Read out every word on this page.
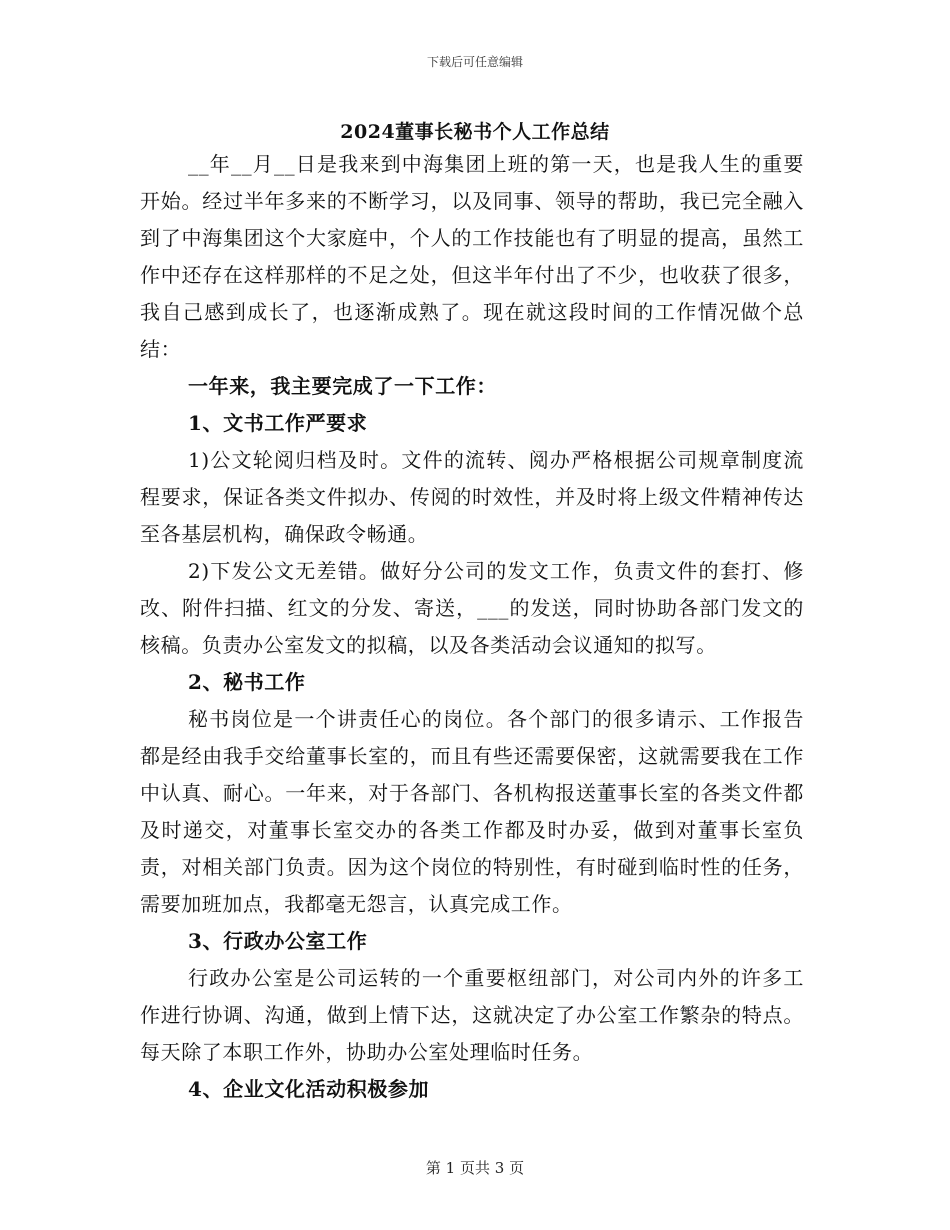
下载后可任意编辑
2024董事长秘书个人工作总结

__年__月__日是我来到中海集团上班的第一天，也是我人生的重要开始。经过半年多来的不断学习，以及同事、领导的帮助，我已完全融入到了中海集团这个大家庭中，个人的工作技能也有了明显的提高，虽然工作中还存在这样那样的不足之处，但这半年付出了不少，也收获了很多，我自己感到成长了，也逐渐成熟了。现在就这段时间的工作情况做个总结：

一年来，我主要完成了一下工作：

1、文书工作严要求

1)公文轮阅归档及时。文件的流转、阅办严格根据公司规章制度流程要求，保证各类文件拟办、传阅的时效性，并及时将上级文件精神传达至各基层机构，确保政令畅通。

2)下发公文无差错。做好分公司的发文工作，负责文件的套打、修改、附件扫描、红文的分发、寄送，___的发送，同时协助各部门发文的核稿。负责办公室发文的拟稿，以及各类活动会议通知的拟写。

2、秘书工作

秘书岗位是一个讲责任心的岗位。各个部门的很多请示、工作报告都是经由我手交给董事长室的，而且有些还需要保密，这就需要我在工作中认真、耐心。一年来，对于各部门、各机构报送董事长室的各类文件都及时递交，对董事长室交办的各类工作都及时办妥，做到对董事长室负责，对相关部门负责。因为这个岗位的特别性，有时碰到临时性的任务，需要加班加点，我都毫无怨言，认真完成工作。

3、行政办公室工作

行政办公室是公司运转的一个重要枢纽部门，对公司内外的许多工作进行协调、沟通，做到上情下达，这就决定了办公室工作繁杂的特点。每天除了本职工作外，协助办公室处理临时任务。

4、企业文化活动积极参加

第 1 页共 3 页
